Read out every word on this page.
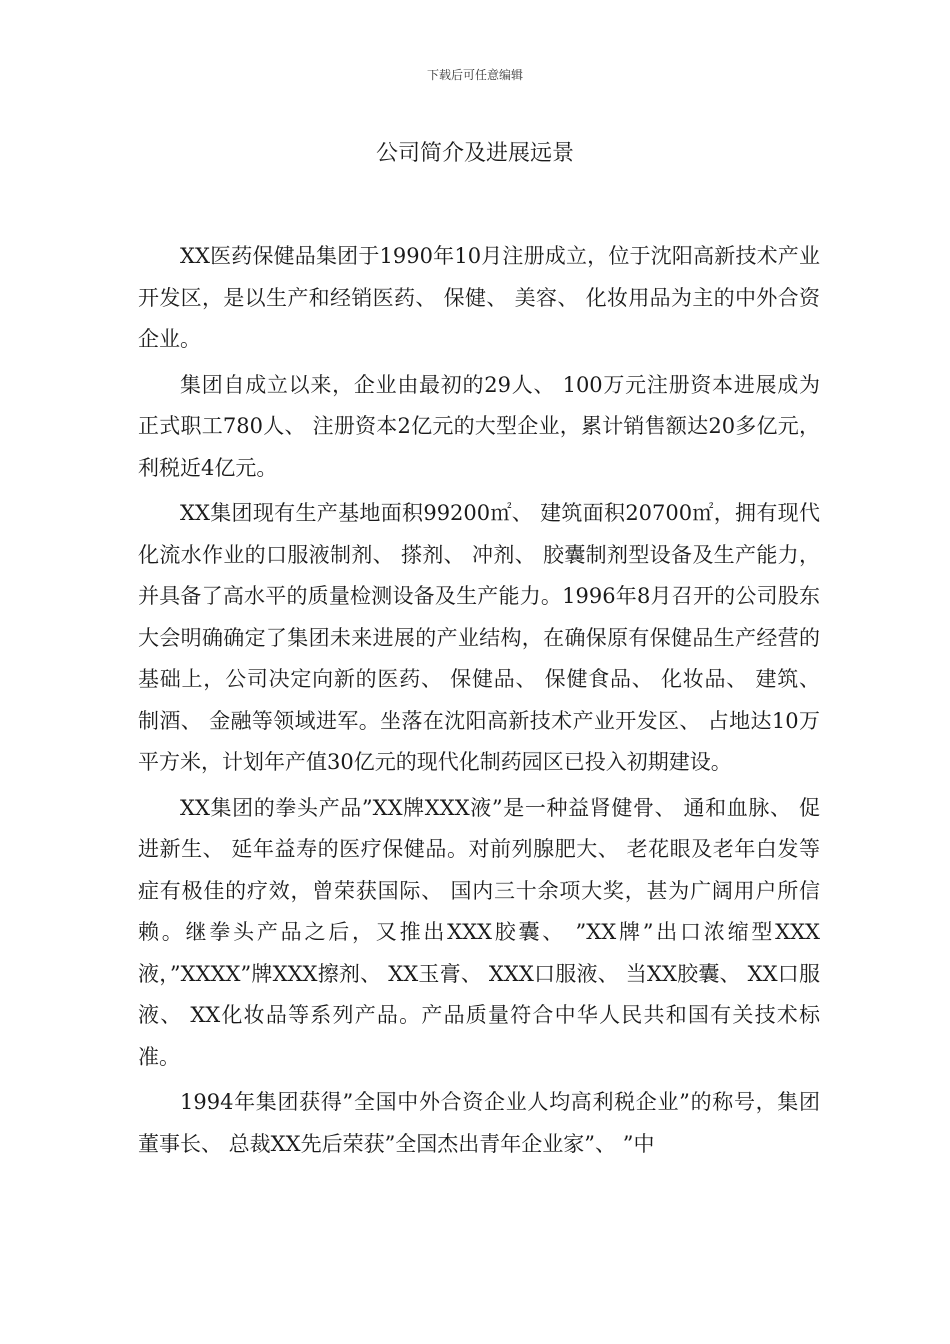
下载后可任意编辑
公司简介及进展远景

XX医药保健品集团于1990年10月注册成立，位于沈阳高新技术产业开发区，是以生产和经销医药、 保健、 美容、 化妆用品为主的中外合资企业。

集团自成立以来，企业由最初的29人、 100万元注册资本进展成为正式职工780人、 注册资本2亿元的大型企业，累计销售额达20多亿元，利税近4亿元。

XX集团现有生产基地面积99200㎡、 建筑面积20700㎡，拥有现代化流水作业的口服液制剂、 搽剂、 冲剂、 胶囊制剂型设备及生产能力，并具备了高水平的质量检测设备及生产能力。1996年8月召开的公司股东大会明确确定了集团未来进展的产业结构，在确保原有保健品生产经营的基础上，公司决定向新的医药、 保健品、 保健食品、 化妆品、 建筑、 制酒、 金融等领域进军。坐落在沈阳高新技术产业开发区、 占地达10万平方米，计划年产值30亿元的现代化制药园区已投入初期建设。

XX集团的拳头产品”XX牌XXX液”是一种益肾健骨、 通和血脉、 促进新生、 延年益寿的医疗保健品。对前列腺肥大、 老花眼及老年白发等症有极佳的疗效，曾荣获国际、 国内三十余项大奖，甚为广阔用户所信赖。继拳头产品之后，又推出XXX胶囊、 ”XX牌”出口浓缩型XXX液，”XXXX”牌XXX擦剂、 XX玉膏、 XXX口服液、 当XX胶囊、 XX口服液、 XX化妆品等系列产品。产品质量符合中华人民共和国有关技术标准。

1994年集团获得”全国中外合资企业人均高利税企业”的称号，集团董事长、 总裁XX先后荣获”全国杰出青年企业家”、 ”中
